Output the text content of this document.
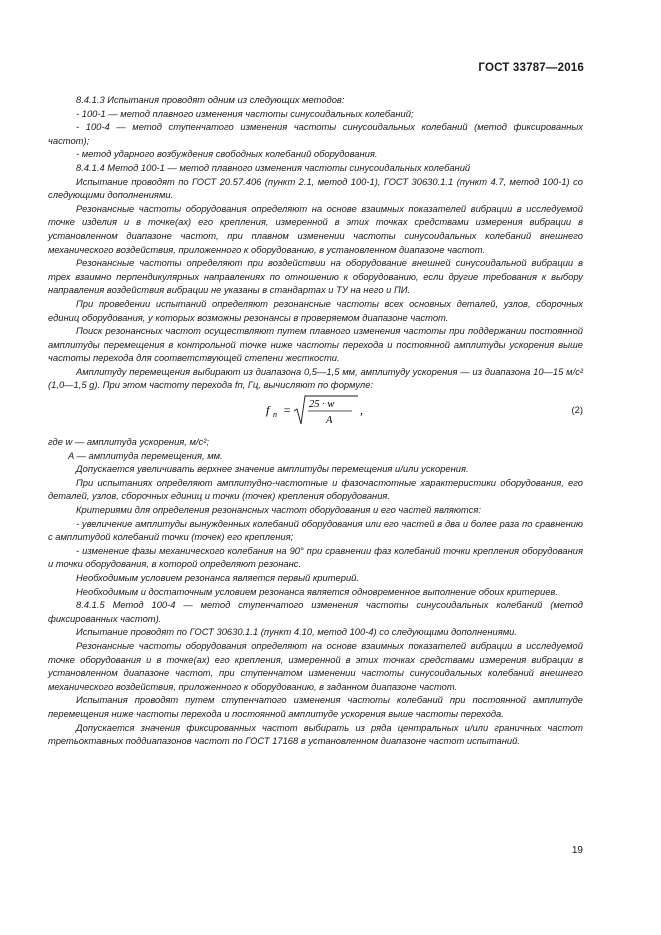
ГОСТ 33787—2016

8.4.1.3 Испытания проводят одним из следующих методов:

- 100-1 — метод плавного изменения частоты синусоидальных колебаний;

- 100-4 — метод ступенчатого изменения частоты синусоидальных колебаний (метод фиксированных частот);

- метод ударного возбуждения свободных колебаний оборудования.

8.4.1.4 Метод 100-1 — метод плавного изменения частоты синусоидальных колебаний

Испытание проводят по ГОСТ 20.57.406 (пункт 2.1, метод 100-1), ГОСТ 30630.1.1 (пункт 4.7, метод 100-1) со следующими дополнениями.

Резонансные частоты оборудования определяют на основе взаимных показателей вибрации в исследуемой точке изделия и в точке(ах) его крепления, измеренной в этих точках средствами измерения вибрации в установленном диапазоне частот, при плавном изменении частоты синусоидальных колебаний внешнего механического воздействия, приложенного к оборудованию, в установленном диапазоне частот.

Резонансные частоты определяют при воздействии на оборудование внешней синусоидальной вибрации в трех взаимно перпендикулярных направлениях по отношению к оборудованию, если другие требования к выбору направления воздействия вибрации не указаны в стандартах и ТУ на него и ПИ.

При проведении испытаний определяют резонансные частоты всех основных деталей, узлов, сборочных единиц оборудования, у которых возможны резонансы в проверяемом диапазоне частот.

Поиск резонансных частот осуществляют путем плавного изменения частоты при поддержании постоянной амплитуды перемещения в контрольной точке ниже частоты перехода и постоянной амплитуды ускорения выше частоты перехода для соответствующей степени жесткости.

Амплитуду перемещения выбирают из диапазона 0,5—1,5 мм, амплитуду ускорения — из диапазона 10—15 м/с² (1,0—1,5 g). При этом частоту перехода fп, Гц, вычисляют по формуле:

f п = 25 · w
A
,	(2)

где w — амплитуда ускорения, м/с²;

A — амплитуда перемещения, мм.

Допускается увеличивать верхнее значение амплитуды перемещения и/или ускорения.

При испытаниях определяют амплитудно-частотные и фазочастотные характеристики оборудования, его деталей, узлов, сборочных единиц и точки (точек) крепления оборудования.

Критериями для определения резонансных частот оборудования и его частей являются:

- увеличение амплитуды вынужденных колебаний оборудования или его частей в два и более раза по сравнению с амплитудой колебаний точки (точек) его крепления;

- изменение фазы механического колебания на 90° при сравнении фаз колебаний точки крепления оборудования и точки оборудования, в которой определяют резонанс.

Необходимым условием резонанса является первый критерий.

Необходимым и достаточным условием резонанса является одновременное выполнение обоих критериев.

8.4.1.5 Метод 100-4 — метод ступенчатого изменения частоты синусоидальных колебаний (метод фиксированных частот).

Испытание проводят по ГОСТ 30630.1.1 (пункт 4.10, метод 100-4) со следующими дополнениями.

Резонансные частоты оборудования определяют на основе взаимных показателей вибрации в исследуемой точке оборудования и в точке(ах) его крепления, измеренной в этих точках средствами измерения вибрации в установленном диапазоне частот, при ступенчатом изменении частоты синусоидальных колебаний внешнего механического воздействия, приложенного к оборудованию, в заданном диапазоне частот.

Испытания проводят путем ступенчатого изменения частоты колебаний при постоянной амплитуде перемещения ниже частоты перехода и постоянной амплитуде ускорения выше частоты перехода.

Допускается значения фиксированных частот выбирать из ряда центральных и/или граничных частот третьоктавных поддиапазонов частот по ГОСТ 17168 в установленном диапазоне частот испытаний.

19
